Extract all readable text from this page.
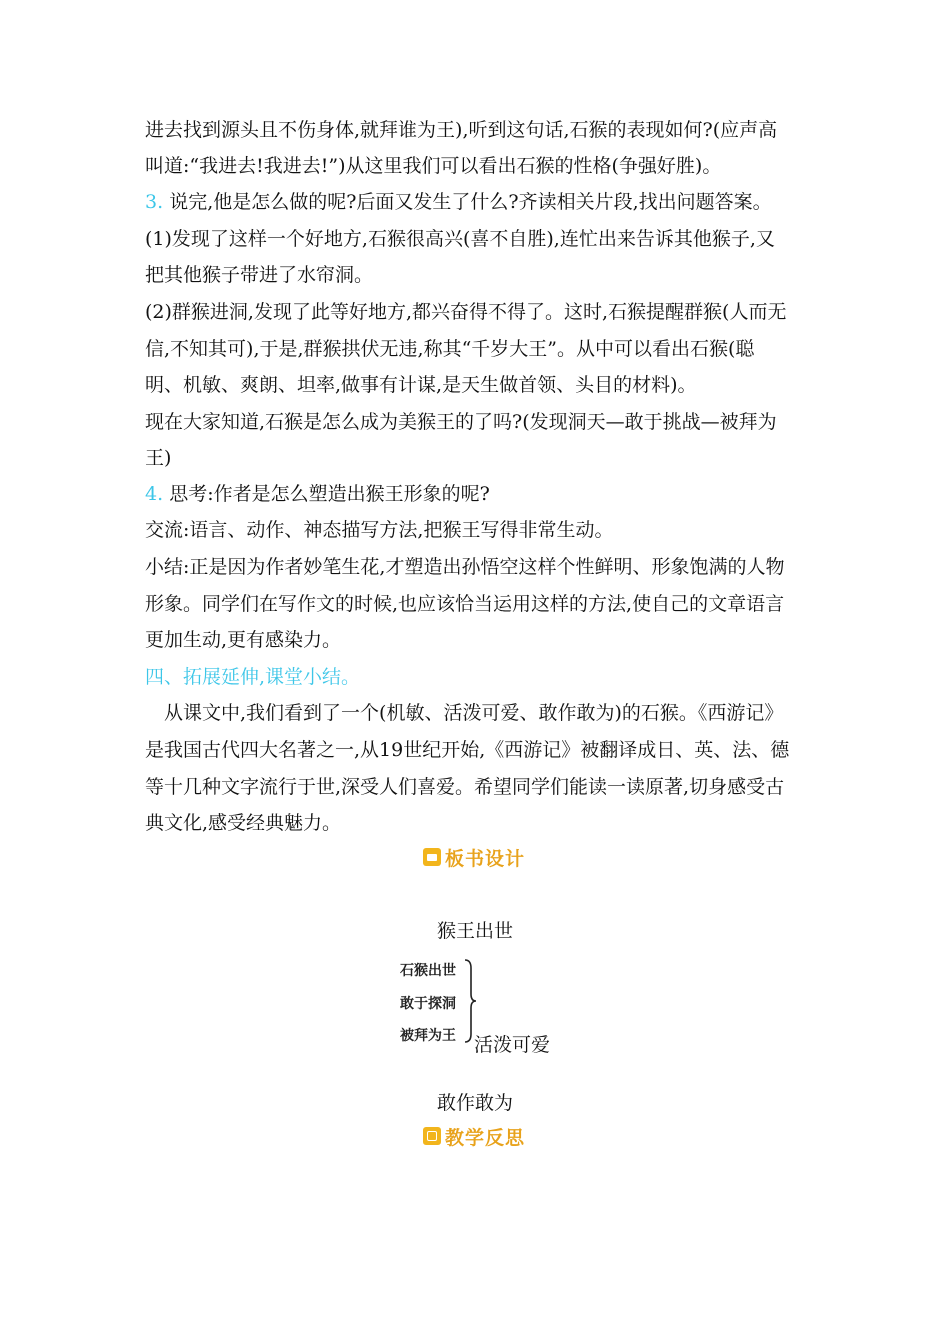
进去找到源头且不伤身体,就拜谁为王),听到这句话,石猴的表现如何?(应声高

叫道:“我进去!我进去!”)从这里我们可以看出石猴的性格(争强好胜)。

3. 说完,他是怎么做的呢?后面又发生了什么?齐读相关片段,找出问题答案。

(1)发现了这样一个好地方,石猴很高兴(喜不自胜),连忙出来告诉其他猴子,又

把其他猴子带进了水帘洞。

(2)群猴进洞,发现了此等好地方,都兴奋得不得了。这时,石猴提醒群猴(人而无

信,不知其可),于是,群猴拱伏无违,称其“千岁大王”。从中可以看出石猴(聪

明、机敏、爽朗、坦率,做事有计谋,是天生做首领、头目的材料)。

现在大家知道,石猴是怎么成为美猴王的了吗?(发现洞天—敢于挑战—被拜为

王)

4. 思考:作者是怎么塑造出猴王形象的呢?

交流:语言、动作、神态描写方法,把猴王写得非常生动。

小结:正是因为作者妙笔生花,才塑造出孙悟空这样个性鲜明、形象饱满的人物

形象。同学们在写作文的时候,也应该恰当运用这样的方法,使自己的文章语言

更加生动,更有感染力。

四、拓展延伸,课堂小结。

从课文中,我们看到了一个(机敏、活泼可爱、敢作敢为)的石猴。《西游记》

是我国古代四大名著之一,从19世纪开始,《西游记》被翻译成日、英、法、德

等十几种文字流行于世,深受人们喜爱。希望同学们能读一读原著,切身感受古

典文化,感受经典魅力。

板书设计
猴王出世
石猴出世
敢于探洞
被拜为王 活泼可爱
敢作敢为
教学反思
